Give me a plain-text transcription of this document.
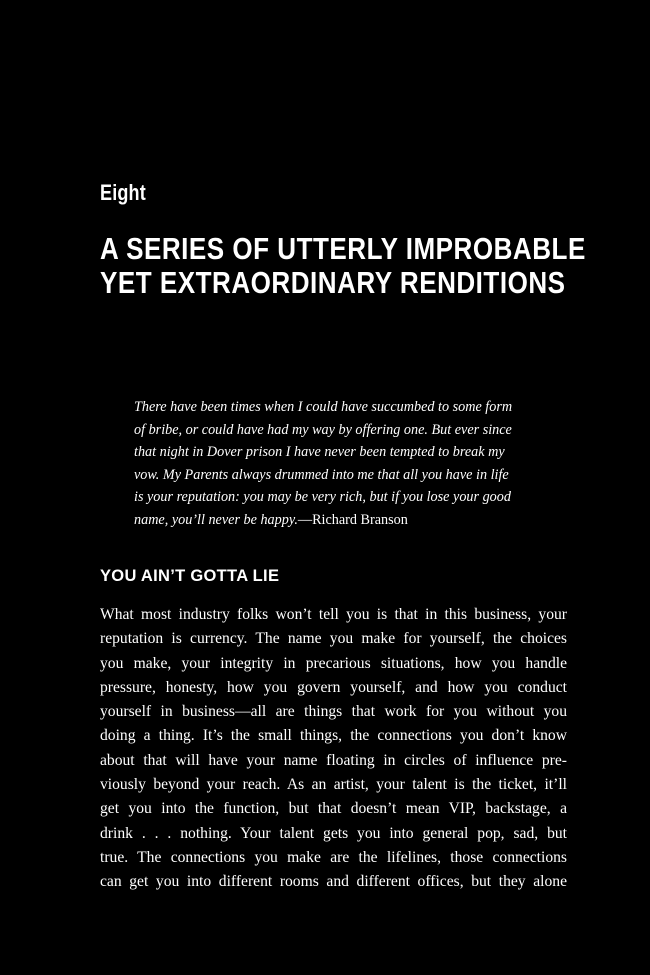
Eight
A SERIES OF UTTERLY IMPROBABLE
YET EXTRAORDINARY RENDITIONS
There have been times when I could have succumbed to some form
of bribe, or could have had my way by offering one. But ever since
that night in Dover prison I have never been tempted to break my
vow. My Parents always drummed into me that all you have in life
is your reputation: you may be very rich, but if you lose your good
name, you’ll never be happy.—Richard Branson
YOU AIN’T GOTTA LIE
What most industry folks won’t tell you is that in this business, your
reputation is currency. The name you make for yourself, the choices
you make, your integrity in precarious situations, how you handle
pressure, honesty, how you govern yourself, and how you conduct
yourself in business—all are things that work for you without you
doing a thing. It’s the small things, the connections you don’t know
about that will have your name floating in circles of influence pre-
viously beyond your reach. As an artist, your talent is the ticket, it’ll
get you into the function, but that doesn’t mean VIP, backstage, a
drink . . . nothing. Your talent gets you into general pop, sad, but
true. The connections you make are the lifelines, those connections
can get you into different rooms and different offices, but they alone
